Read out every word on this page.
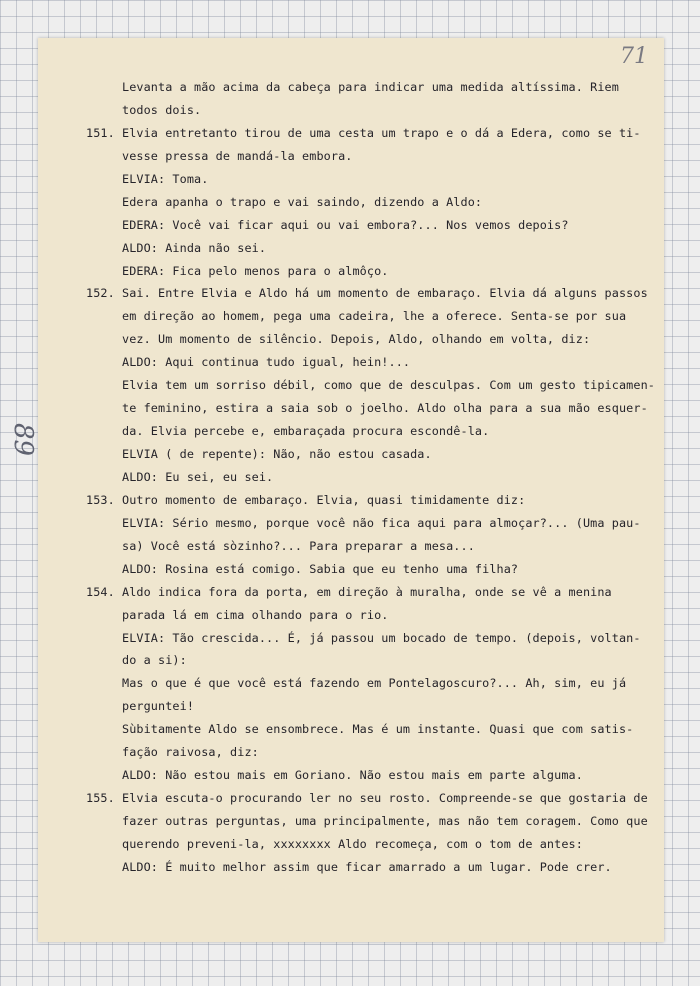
71
89
Levanta a mão acima da cabeça para indicar uma medida altíssima. Riem
todos dois.
151. Elvia entretanto tirou de uma cesta um trapo e o dá a Edera, como se ti-
vesse pressa de mandá-la embora.
ELVIA: Toma.
Edera apanha o trapo e vai saindo, dizendo a Aldo:
EDERA: Você vai ficar aqui ou vai embora?... Nos vemos depois?
ALDO: Ainda não sei.
EDERA: Fica pelo menos para o almôço.
152. Sai. Entre Elvia e Aldo há um momento de embaraço. Elvia dá alguns passos
em direção ao homem, pega uma cadeira, lhe a oferece. Senta-se por sua
vez. Um momento de silêncio. Depois, Aldo, olhando em volta, diz:
ALDO: Aqui continua tudo igual, hein!...
Elvia tem um sorriso débil, como que de desculpas. Com um gesto tipicamen-
te feminino, estira a saia sob o joelho. Aldo olha para a sua mão esquer-
da. Elvia percebe e, embaraçada procura escondê-la.
ELVIA ( de repente): Não, não estou casada.
ALDO: Eu sei, eu sei.
153. Outro momento de embaraço. Elvia, quasi timidamente diz:
ELVIA: Sério mesmo, porque você não fica aqui para almoçar?... (Uma pau-
sa) Você está sòzinho?... Para preparar a mesa...
ALDO: Rosina está comigo. Sabia que eu tenho uma filha?
154. Aldo indica fora da porta, em direção à muralha, onde se vê a menina
parada lá em cima olhando para o rio.
ELVIA: Tão crescida... É, já passou um bocado de tempo. (depois, voltan-
do a si):
Mas o que é que você está fazendo em Pontelagoscuro?... Ah, sim, eu já
perguntei!
Sùbitamente Aldo se ensombrece. Mas é um instante. Quasi que com satis-
fação raivosa, diz:
ALDO: Não estou mais em Goriano. Não estou mais em parte alguma.
155. Elvia escuta-o procurando ler no seu rosto. Compreende-se que gostaria de
fazer outras perguntas, uma principalmente, mas não tem coragem. Como que
querendo preveni-la, xxxxxxxx Aldo recomeça, com o tom de antes:
ALDO: É muito melhor assim que ficar amarrado a um lugar. Pode crer.
